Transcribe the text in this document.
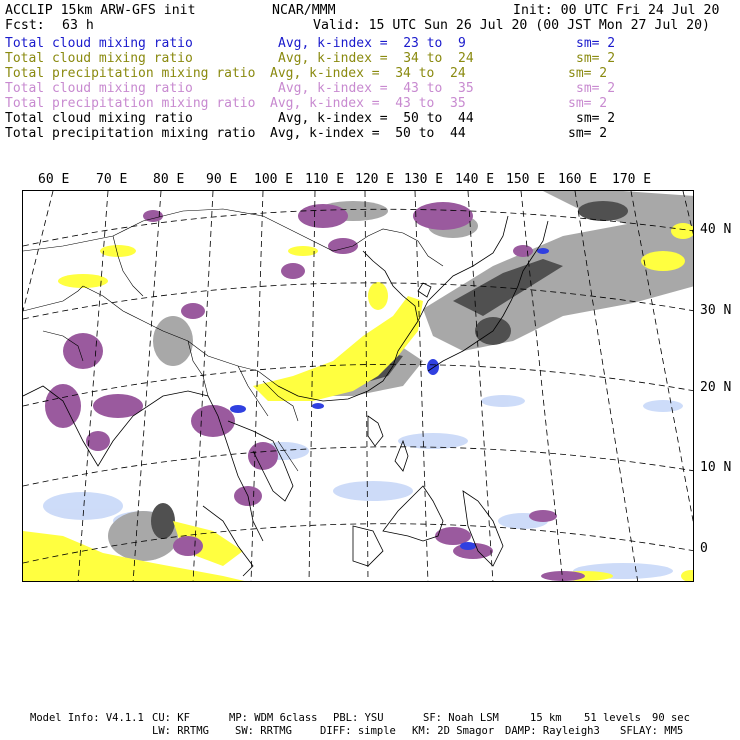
ACCLIP 15km ARW-GFS init	NCAR/MMM	Init: 00 UTC Fri 24 Jul 20
Fcst: 63 h	Valid: 15 UTC Sun 26 Jul 20 (00 JST Mon 27 Jul 20)
Total cloud mixing ratio	Avg, k-index =  23 to  9	sm= 2
Total cloud mixing ratio	Avg, k-index =  34 to  24	sm= 2
Total precipitation mixing ratio Avg, k-index =  34 to  24	sm= 2
Total cloud mixing ratio	Avg, k-index =  43 to  35	sm= 2
Total precipitation mixing ratio Avg, k-index =  43 to  35	sm= 2
Total cloud mixing ratio	Avg, k-index =  50 to  44	sm= 2
Total precipitation mixing ratio Avg, k-index =  50 to  44	sm= 2
60 E 70 E 80 E 90 E 100 E 110 E 120 E 130 E 140 E 150 E 160 E 170 E
40 N
30 N
20 N
10 N
0
Model Info: V4.1.1 CU: KF	MP: WDM 6class PBL: YSU	SF: Noah LSM	15 km 51 levels 90 sec
LW: RRTMG SW: RRTMG	DIFF: simple KM: 2D Smagor DAMP: Rayleigh3 SFLAY: MM5
